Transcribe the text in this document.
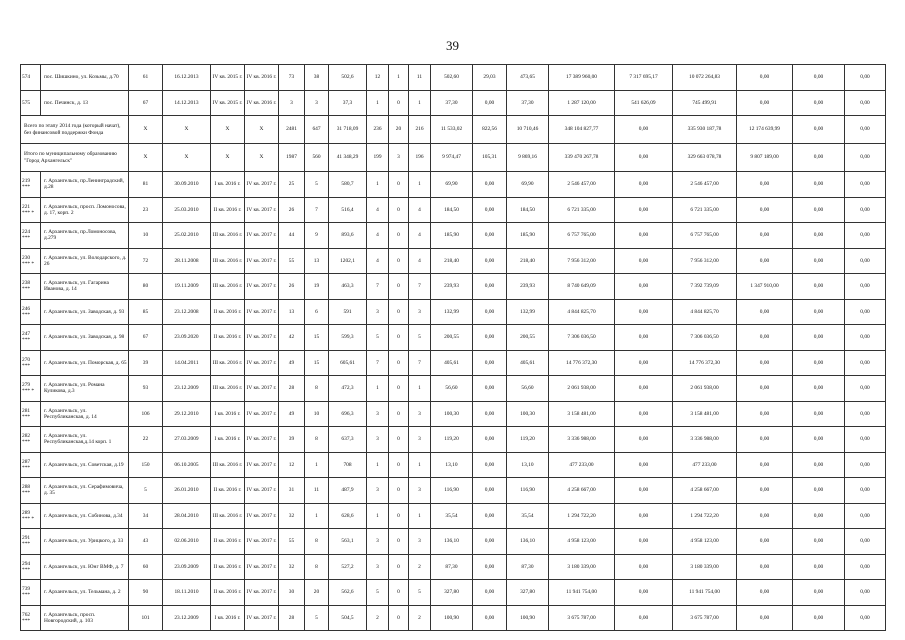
39
574	пос. Шишкино, ул. Козьмы, д.70	61	16.12.2013	IV кв. 2015 г.	IV кв. 2016 г.	73	38	502,6	12	1	11	502,60	29,03	473,65	17 389 960,00	7 317 695,17	10 072 264,83	0,00	0,00	0,00
575	пос. Печинск, д. 13	67	14.12.2013	IV кв. 2015 г.	IV кв. 2016 г.	3	3	37,3	1	0	1	37,30	0,00	37,30	1 287 120,00	541 626,09	745 499,91	0,00	0,00	0,00
Всего по этапу 2014 года (который начат), без финансовой поддержки Фонда		X	X	X	X	2481	647	31 718,09	236	20	216	11 533,02	822,56	10 710,46	348 104 827,77	0,00	335 930 187,78	12 174 639,99	0,00	0,00
Итого по муниципальному образованию "Город Архангельск"		X	X	X	X	1987	560	41 348,29	199	3	196	9 974,47	105,31	9 869,16	339 470 267,78	0,00	329 663 078,78	9 807 189,00	0,00	0,00
219 ***	г. Архангельск, пр.Ленинградский, д.28	81	30.09.2010	I кв. 2016 г.	IV кв. 2017 г.	25	5	580,7	1	0	1	69,90	0,00	69,90	2 546 457,00	0,00	2 546 457,00	0,00	0,00	0,00
221 *** *	г. Архангельск, просп. Ломоносова, д. 17, корп. 2	23	25.03.2010	II кв. 2016 г.	IV кв. 2017 г.	26	7	516,4	4	0	4	184,50	0,00	184,50	6 721 335,00	0,00	6 721 335,00	0,00	0,00	0,00
224 ***	г. Архангельск, пр.Ломоносова, д.279	10	25.02.2010	III кв. 2016 г.	IV кв. 2017 г.	44	9	893,6	4	0	4	185,90	0,00	185,90	6 757 765,00	0,00	6 757 765,00	0,00	0,00	0,00
230 *** *	г. Архангельск, ул. Володарского, д. 26	72	28.11.2008	III кв. 2016 г.	IV кв. 2017 г.	55	13	1202,1	4	0	4	218,40	0,00	218,40	7 956 312,00	0,00	7 956 312,00	0,00	0,00	0,00
238 ***	г. Архангельск, ул. Гагарина Иванова, д. 14	80	19.11.2009	III кв. 2016 г.	IV кв. 2017 г.	26	19	463,3	7	0	7	239,93	0,00	239,93	8 740 649,09	0,00	7 392 739,09	1 347 910,00	0,00	0,00
246 ***	г. Архангельск, ул. Заводская, д. 93	85	23.12.2008	II кв. 2016 г.	IV кв. 2017 г.	13	6	591	3	0	3	132,99	0,00	132,99	4 844 825,70	0,00	4 844 825,70	0,00	0,00	0,00
247 ***	г. Архангельск, ул. Заводская, д. 98	67	23.09.2020	II кв. 2016 г.	IV кв. 2017 г.	42	15	599,3	5	0	5	200,55	0,00	200,55	7 306 036,50	0,00	7 306 036,50	0,00	0,00	0,00
270 ***	г. Архангельск, ул. Поморская, д. 65	39	14.04.2011	III кв. 2016 г.	IV кв. 2017 г.	49	15	605,61	7	0	7	405,61	0,00	405,61	14 776 372,30	0,00	14 776 372,30	0,00	0,00	0,00
279 *** *	г. Архангельск, ул. Романа Куликова, д.3	93	23.12.2009	III кв. 2016 г.	IV кв. 2017 г.	28	8	472,3	1	0	1	56,60	0,00	56,60	2 061 938,00	0,00	2 061 938,00	0,00	0,00	0,00
281 ***	г. Архангельск, ул. Республиканская, д. 14	106	29.12.2010	I кв. 2016 г.	IV кв. 2017 г.	49	10	696,3	3	0	3	100,30	0,00	100,30	3 158 481,00	0,00	3 158 481,00	0,00	0,00	0,00
282 ***	г. Архангельск, ул. Республиканская,д.14 корп. 1	22	27.03.2009	I кв. 2016 г.	IV кв. 2017 г.	39	8	637,3	3	0	3	119,20	0,00	119,20	3 336 988,00	0,00	3 336 988,00	0,00	0,00	0,00
287 ***	г. Архангельск, ул. Советская, д.19	150	06.10.2005	III кв. 2016 г.	IV кв. 2017 г.	12	1	708	1	0	1	13,10	0,00	13,10	477 233,00	0,00	477 233,00	0,00	0,00	0,00
288 ***	г. Архангельск, ул. Серафимовича, д. 35	5	26.01.2010	II кв. 2016 г.	IV кв. 2017 г.	31	11	487,9	3	0	3	116,90	0,00	116,90	4 258 667,00	0,00	4 258 667,00	0,00	0,00	0,00
289 *** *	г. Архангельск, ул. Собинова, д.34	34	28.04.2010	III кв. 2016 г.	IV кв. 2017 г.	32	1	628,6	1	0	1	35,54	0,00	35,54	1 294 722,20	0,00	1 294 722,20	0,00	0,00	0,00
291 ***	г. Архангельск, ул. Урицкого, д. 33	43	02.06.2010	II кв. 2016 г.	IV кв. 2017 г.	55	8	563,1	3	0	3	136,10	0,00	136,10	4 958 123,00	0,00	4 958 123,00	0,00	0,00	0,00
294 ***	г. Архангельск, ул. Юнг ВМФ, д. 7	60	23.09.2009	II кв. 2016 г.	IV кв. 2017 г.	32	8	527,2	3	0	2	87,30	0,00	87,30	3 180 339,00	0,00	3 180 339,00	0,00	0,00	0,00
739 ***	г. Архангельск, ул. Тельмана, д. 2	90	18.11.2010	II кв. 2016 г.	IV кв. 2017 г.	30	20	562,6	5	0	5	327,80	0,00	327,80	11 941 754,00	0,00	11 941 754,00	0,00	0,00	0,00
762 ***	г. Архангельск, просп. Новгородский, д. 103	101	23.12.2009	I кв. 2016 г.	IV кв. 2017 г.	28	5	504,5	2	0	2	100,90	0,00	100,90	3 675 787,00	0,00	3 675 787,00	0,00	0,00	0,00
